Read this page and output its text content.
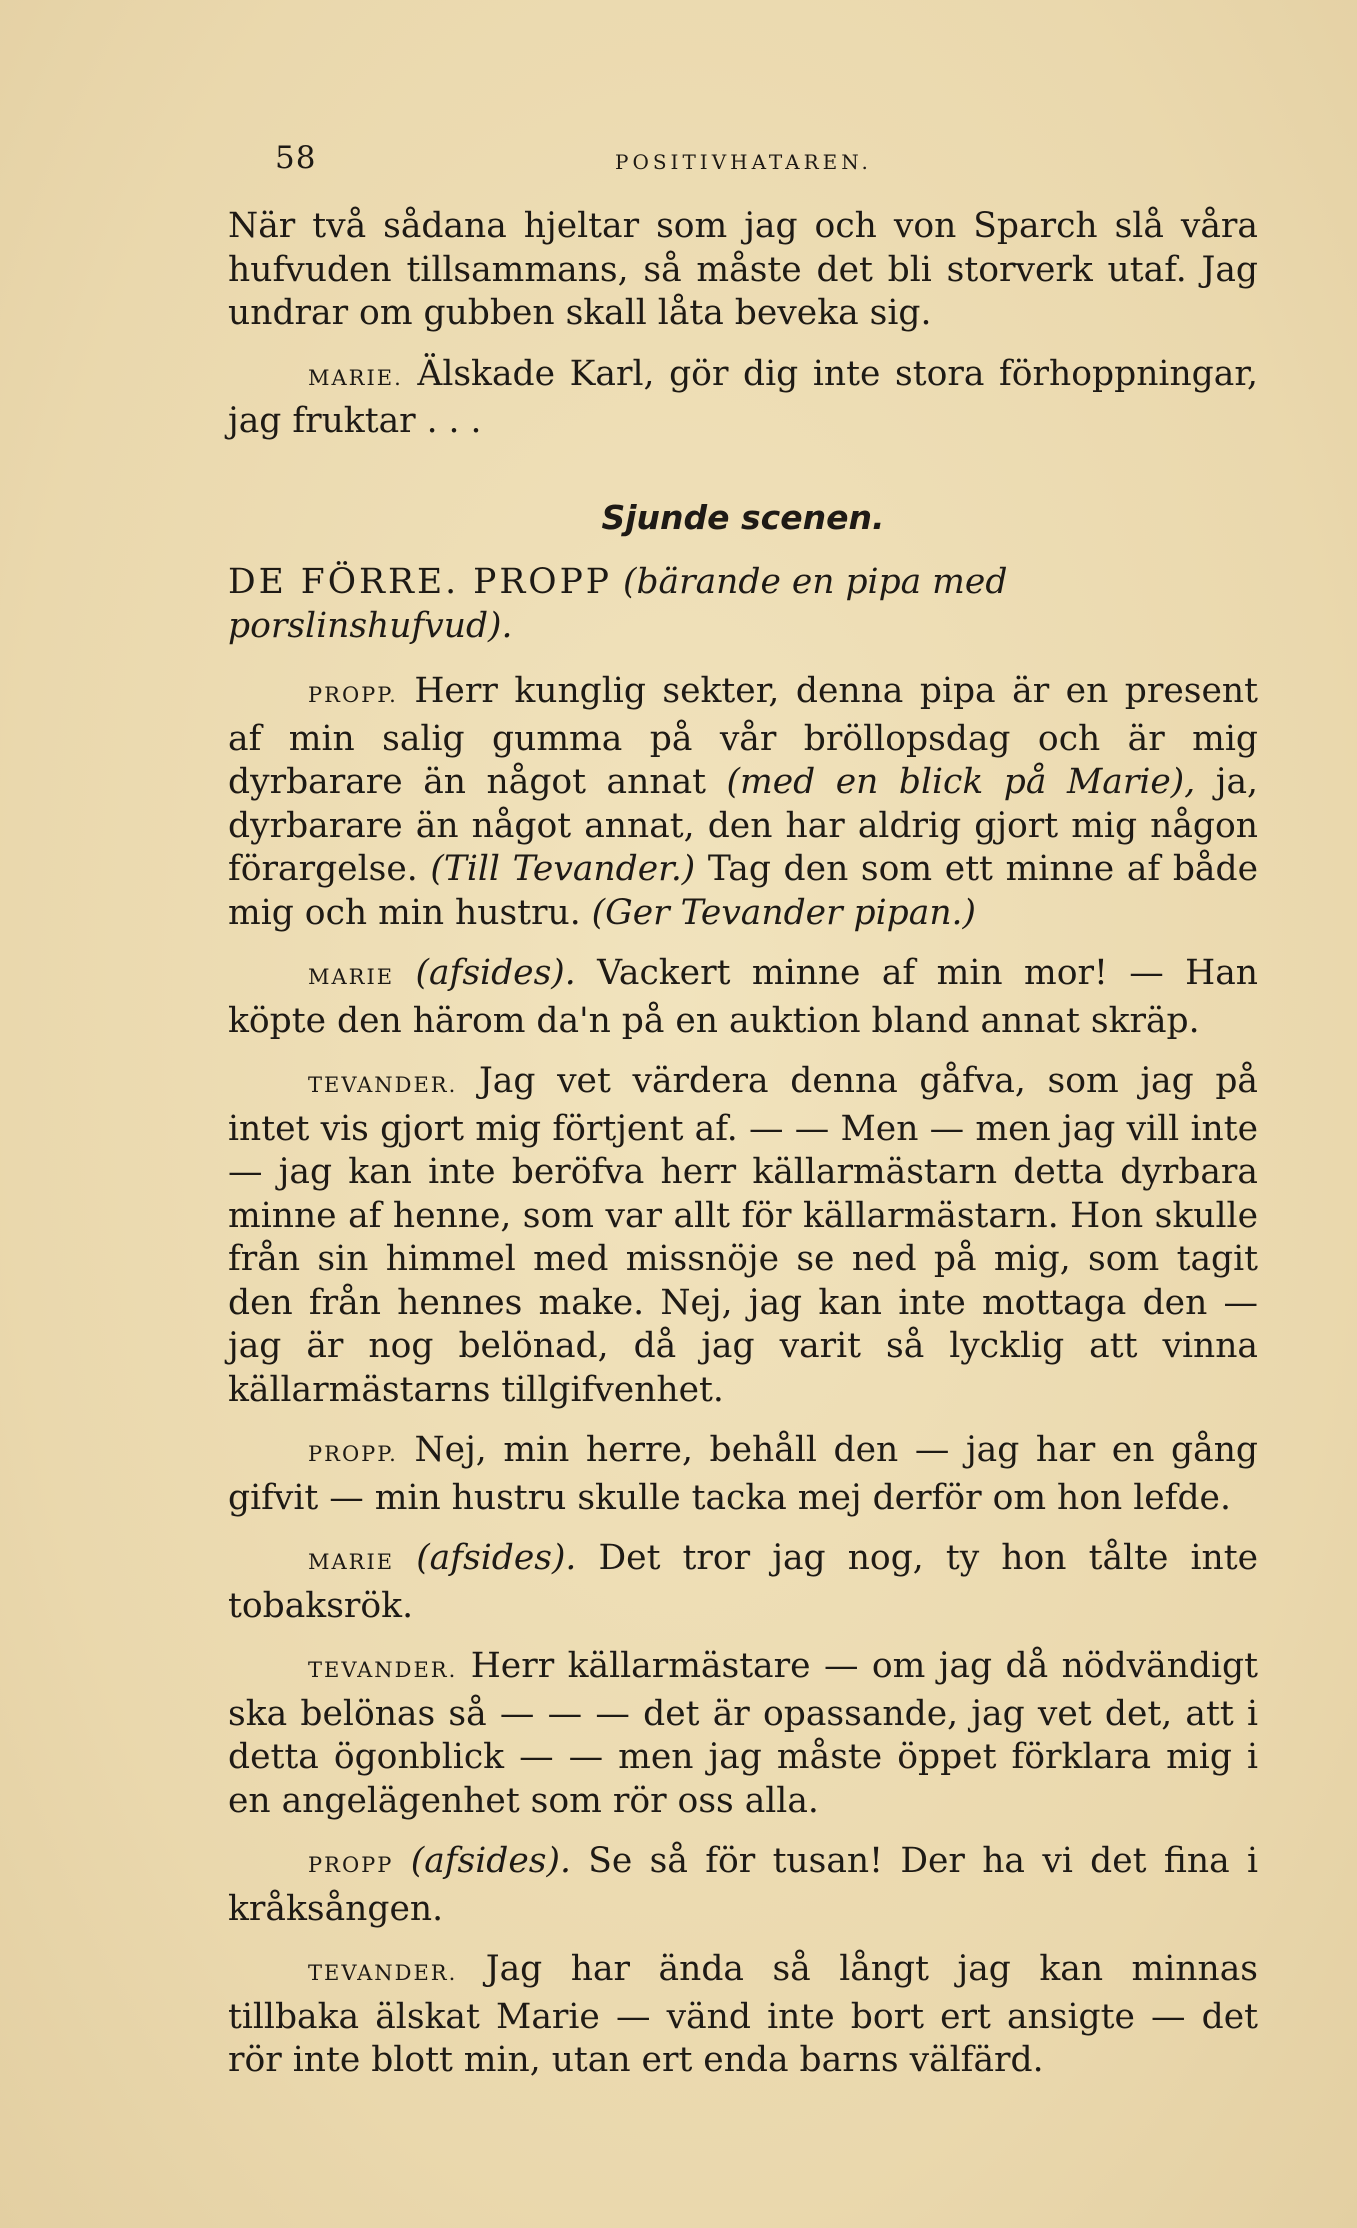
58	POSITIVHATAREN.

När två sådana hjeltar som jag och von Sparch slå våra hufvuden tillsammans, så måste det bli storverk utaf. Jag undrar om gubben skall låta beveka sig.

MARIE. Älskade Karl, gör dig inte stora förhoppningar, jag fruktar . . .

Sjunde scenen.

DE FÖRRE. PROPP (bärande en pipa med porslinshufvud).

PROPP. Herr kunglig sekter, denna pipa är en present af min salig gumma på vår bröllopsdag och är mig dyrbarare än något annat (med en blick på Marie), ja, dyrbarare än något annat, den har aldrig gjort mig någon förargelse. (Till Tevander.) Tag den som ett minne af både mig och min hustru. (Ger Tevander pipan.)

MARIE (afsides). Vackert minne af min mor! — Han köpte den härom da'n på en auktion bland annat skräp.

TEVANDER. Jag vet värdera denna gåfva, som jag på intet vis gjort mig förtjent af. — — Men — men jag vill inte — jag kan inte beröfva herr källarmästarn detta dyrbara minne af henne, som var allt för källarmästarn. Hon skulle från sin himmel med missnöje se ned på mig, som tagit den från hennes make. Nej, jag kan inte mottaga den — jag är nog belönad, då jag varit så lycklig att vinna källarmästarns tillgifvenhet.

PROPP. Nej, min herre, behåll den — jag har en gång gifvit — min hustru skulle tacka mej derför om hon lefde.

MARIE (afsides). Det tror jag nog, ty hon tålte inte tobaksrök.

TEVANDER. Herr källarmästare — om jag då nödvändigt ska belönas så — — — det är opassande, jag vet det, att i detta ögonblick — — men jag måste öppet förklara mig i en angelägenhet som rör oss alla.

PROPP (afsides). Se så för tusan! Der ha vi det fina i kråksången.

TEVANDER. Jag har ända så långt jag kan minnas tillbaka älskat Marie — vänd inte bort ert ansigte — det rör inte blott min, utan ert enda barns välfärd.
